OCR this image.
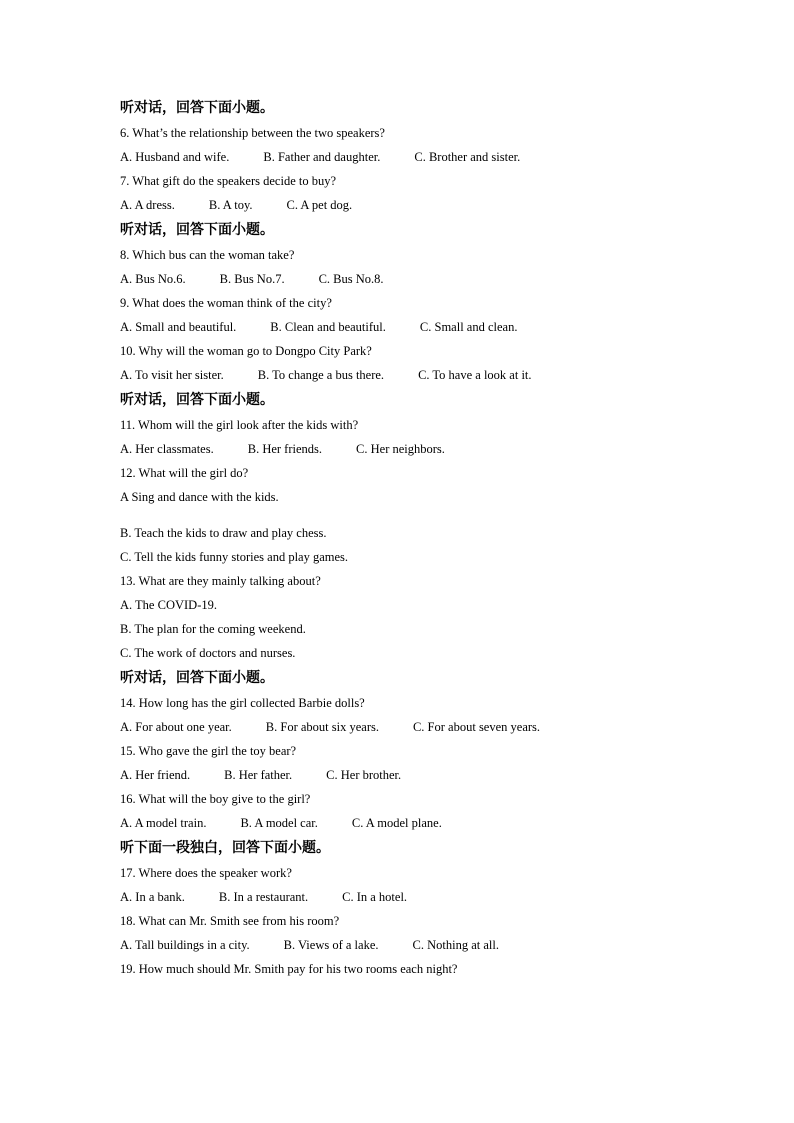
听对话，回答下面小题。
6. What’s the relationship between the two speakers?
A. Husband and wife.	B. Father and daughter.	C. Brother and sister.
7. What gift do the speakers decide to buy?
A. A dress.	B. A toy.	C. A pet dog.
听对话，回答下面小题。
8. Which bus can the woman take?
A. Bus No.6.	B. Bus No.7.	C. Bus No.8.
9. What does the woman think of the city?
A. Small and beautiful.	B. Clean and beautiful.	C. Small and clean.
10. Why will the woman go to Dongpo City Park?
A. To visit her sister.	B. To change a bus there.	C. To have a look at it.
听对话，回答下面小题。
11. Whom will the girl look after the kids with?
A. Her classmates.	B. Her friends.	C. Her neighbors.
12. What will the girl do?
A Sing and dance with the kids.
B. Teach the kids to draw and play chess.
C. Tell the kids funny stories and play games.
13. What are they mainly talking about?
A. The COVID-19.
B. The plan for the coming weekend.
C. The work of doctors and nurses.
听对话，回答下面小题。
14. How long has the girl collected Barbie dolls?
A. For about one year.	B. For about six years.	C. For about seven years.
15. Who gave the girl the toy bear?
A. Her friend.	B. Her father.	C. Her brother.
16. What will the boy give to the girl?
A. A model train.	B. A model car.	C. A model plane.
听下面一段独白，回答下面小题。
17. Where does the speaker work?
A. In a bank.	B. In a restaurant.	C. In a hotel.
18. What can Mr. Smith see from his room?
A. Tall buildings in a city.	B. Views of a lake.	C. Nothing at all.
19. How much should Mr. Smith pay for his two rooms each night?
